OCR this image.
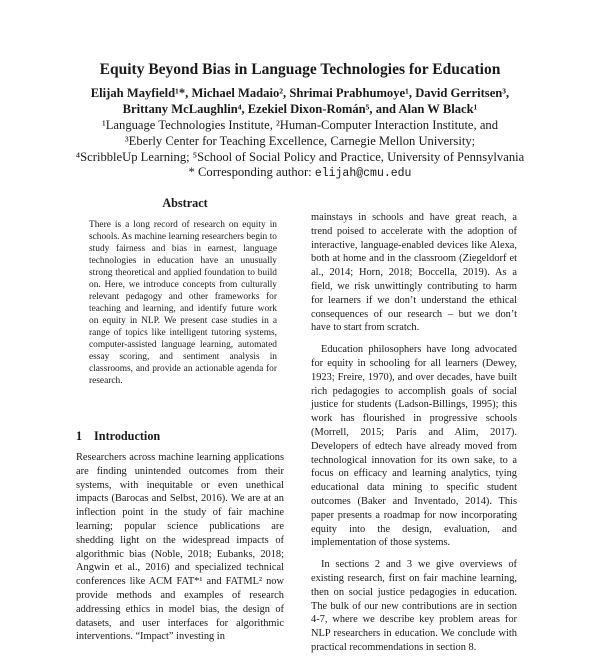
Equity Beyond Bias in Language Technologies for Education
Elijah Mayfield¹*, Michael Madaio², Shrimai Prabhumoye¹, David Gerritsen³,
Brittany McLaughlin⁴, Ezekiel Dixon-Román⁵, and Alan W Black¹
¹Language Technologies Institute, ²Human-Computer Interaction Institute, and
³Eberly Center for Teaching Excellence, Carnegie Mellon University;
⁴ScribbleUp Learning; ⁵School of Social Policy and Practice, University of Pennsylvania
* Corresponding author: elijah@cmu.edu
Abstract

There is a long record of research on equity in schools. As machine learning researchers begin to study fairness and bias in earnest, language technologies in education have an unusually strong theoretical and applied foundation to build on. Here, we introduce concepts from culturally relevant pedagogy and other frameworks for teaching and learning, and identify future work on equity in NLP. We present case studies in a range of topics like intelligent tutoring systems, computer-assisted language learning, automated essay scoring, and sentiment analysis in classrooms, and provide an actionable agenda for research.

1 Introduction

Researchers across machine learning applications are finding unintended outcomes from their systems, with inequitable or even unethical impacts (Barocas and Selbst, 2016). We are at an inflection point in the study of fair machine learning; popular science publications are shedding light on the widespread impacts of algorithmic bias (Noble, 2018; Eubanks, 2018; Angwin et al., 2016) and specialized technical conferences like ACM FAT*¹ and FATML² now provide methods and examples of research addressing ethics in model bias, the design of datasets, and user interfaces for algorithmic interventions. “Impact” investing in

mainstays in schools and have great reach, a trend poised to accelerate with the adoption of interactive, language-enabled devices like Alexa, both at home and in the classroom (Ziegeldorf et al., 2014; Horn, 2018; Boccella, 2019). As a field, we risk unwittingly contributing to harm for learners if we don’t understand the ethical consequences of our research – but we don’t have to start from scratch.

Education philosophers have long advocated for equity in schooling for all learners (Dewey, 1923; Freire, 1970), and over decades, have built rich pedagogies to accomplish goals of social justice for students (Ladson-Billings, 1995); this work has flourished in progressive schools (Morrell, 2015; Paris and Alim, 2017). Developers of edtech have already moved from technological innovation for its own sake, to a focus on efficacy and learning analytics, tying educational data mining to specific student outcomes (Baker and Inventado, 2014). This paper presents a roadmap for now incorporating equity into the design, evaluation, and implementation of those systems.

In sections 2 and 3 we give overviews of existing research, first on fair machine learning, then on social justice pedagogies in education. The bulk of our new contributions are in section 4-7, where we describe key problem areas for NLP researchers in education. We conclude with practical recommendations in section 8.
